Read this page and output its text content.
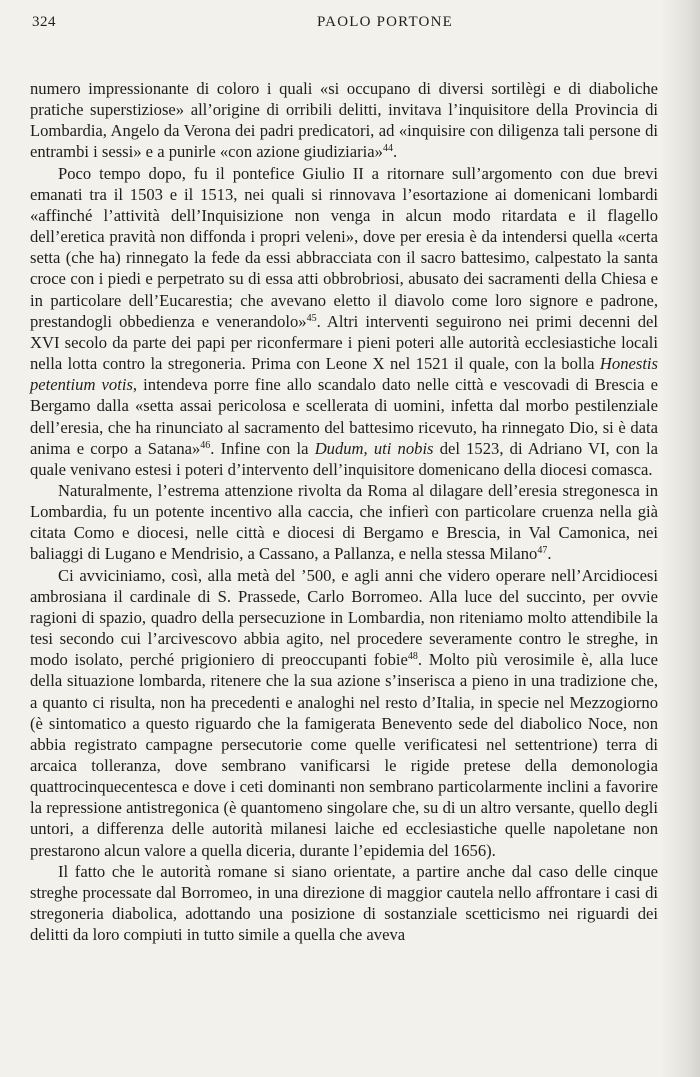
324	PAOLO PORTONE

numero impressionante di coloro i quali «si occupano di diversi sortilègi e di diaboliche pratiche superstiziose» all’origine di orribili delitti, invitava l’inquisitore della Provincia di Lombardia, Angelo da Verona dei padri predicatori, ad «inquisire con diligenza tali persone di entrambi i sessi» e a punirle «con azione giudiziaria»$^{44}$.

Poco tempo dopo, fu il pontefice Giulio II a ritornare sull’argomento con due brevi emanati tra il 1503 e il 1513, nei quali si rinnovava l’esortazione ai domenicani lombardi «affinché l’attività dell’Inquisizione non venga in alcun modo ritardata e il flagello dell’eretica pravità non diffonda i propri veleni», dove per eresia è da intendersi quella «certa setta (che ha) rinnegato la fede da essi abbracciata con il sacro battesimo, calpestato la santa croce con i piedi e perpetrato su di essa atti obbrobriosi, abusato dei sacramenti della Chiesa e in particolare dell’Eucarestia; che avevano eletto il diavolo come loro signore e padrone, prestandogli obbedienza e venerandolo»$^{45}$. Altri interventi seguirono nei primi decenni del XVI secolo da parte dei papi per riconfermare i pieni poteri alle autorità ecclesiastiche locali nella lotta contro la stregoneria. Prima con Leone X nel 1521 il quale, con la bolla Honestis petentium votis, intendeva porre fine allo scandalo dato nelle città e vescovadi di Brescia e Bergamo dalla «setta assai pericolosa e scellerata di uomini, infetta dal morbo pestilenziale dell’eresia, che ha rinunciato al sacramento del battesimo ricevuto, ha rinnegato Dio, si è data anima e corpo a Satana»$^{46}$. Infine con la Dudum, uti nobis del 1523, di Adriano VI, con la quale venivano estesi i poteri d’intervento dell’inquisitore domenicano della diocesi comasca.

Naturalmente, l’estrema attenzione rivolta da Roma al dilagare dell’eresia stregonesca in Lombardia, fu un potente incentivo alla caccia, che infierì con particolare cruenza nella già citata Como e diocesi, nelle città e diocesi di Bergamo e Brescia, in Val Camonica, nei baliaggi di Lugano e Mendrisio, a Cassano, a Pallanza, e nella stessa Milano$^{47}$.

Ci avviciniamo, così, alla metà del ’500, e agli anni che videro operare nell’Arcidiocesi ambrosiana il cardinale di S. Prassede, Carlo Borromeo. Alla luce del succinto, per ovvie ragioni di spazio, quadro della persecuzione in Lombardia, non riteniamo molto attendibile la tesi secondo cui l’arcivescovo abbia agito, nel procedere severamente contro le streghe, in modo isolato, perché prigioniero di preoccupanti fobie$^{48}$. Molto più verosimile è, alla luce della situazione lombarda, ritenere che la sua azione s’inserisca a pieno in una tradizione che, a quanto ci risulta, non ha precedenti e analoghi nel resto d’Italia, in specie nel Mezzogiorno (è sintomatico a questo riguardo che la famigerata Benevento sede del diabolico Noce, non abbia registrato campagne persecutorie come quelle verificatesi nel settentrione) terra di arcaica tolleranza, dove sembrano vanificarsi le rigide pretese della demonologia quattrocinquecentesca e dove i ceti dominanti non sembrano particolarmente inclini a favorire la repressione antistregonica (è quantomeno singolare che, su di un altro versante, quello degli untori, a differenza delle autorità milanesi laiche ed ecclesiastiche quelle napoletane non prestarono alcun valore a quella diceria, durante l’epidemia del 1656).

Il fatto che le autorità romane si siano orientate, a partire anche dal caso delle cinque streghe processate dal Borromeo, in una direzione di maggior cautela nello affrontare i casi di stregoneria diabolica, adottando una posizione di sostanziale scetticismo nei riguardi dei delitti da loro compiuti in tutto simile a quella che aveva
